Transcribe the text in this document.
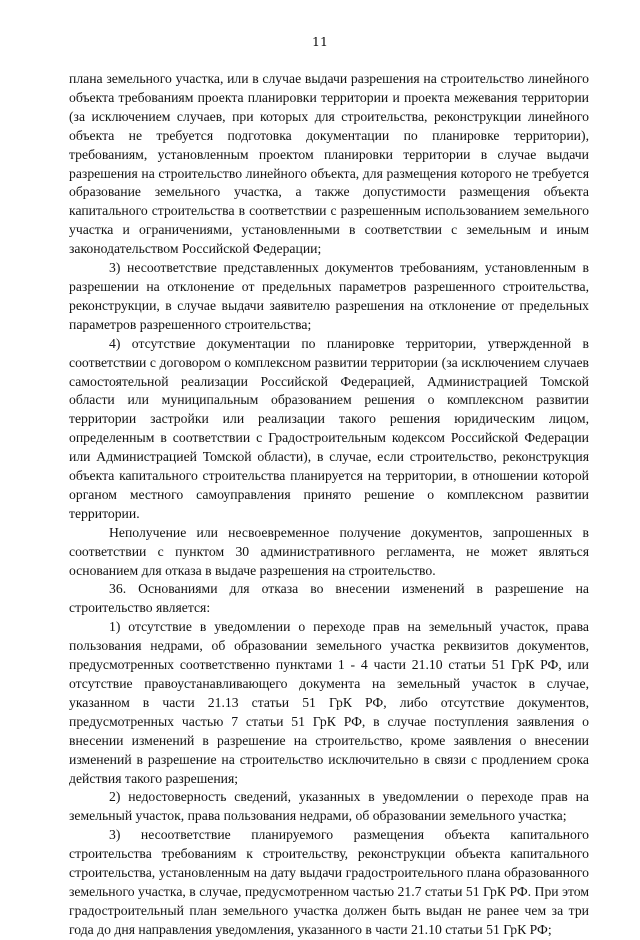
11

плана земельного участка, или в случае выдачи разрешения на строительство линейного объекта требованиям проекта планировки территории и проекта межевания территории (за исключением случаев, при которых для строительства, реконструкции линейного объекта не требуется подготовка документации по планировке территории), требованиям, установленным проектом планировки территории в случае выдачи разрешения на строительство линейного объекта, для размещения которого не требуется образование земельного участка, а также допустимости размещения объекта капитального строительства в соответствии с разрешенным использованием земельного участка и ограничениями, установленными в соответствии с земельным и иным законодательством Российской Федерации;

3) несоответствие представленных документов требованиям, установленным в разрешении на отклонение от предельных параметров разрешенного строительства, реконструкции, в случае выдачи заявителю разрешения на отклонение от предельных параметров разрешенного строительства;

4) отсутствие документации по планировке территории, утвержденной в соответствии с договором о комплексном развитии территории (за исключением случаев самостоятельной реализации Российской Федерацией, Администрацией Томской области или муниципальным образованием решения о комплексном развитии территории застройки или реализации такого решения юридическим лицом, определенным в соответствии с Градостроительным кодексом Российской Федерации или Администрацией Томской области), в случае, если строительство, реконструкция объекта капитального строительства планируется на территории, в отношении которой органом местного самоуправления принято решение о комплексном развитии территории.

Неполучение или несвоевременное получение документов, запрошенных в соответствии с пунктом 30 административного регламента, не может являться основанием для отказа в выдаче разрешения на строительство.

36. Основаниями для отказа во внесении изменений в разрешение на строительство является:

1) отсутствие в уведомлении о переходе прав на земельный участок, права пользования недрами, об образовании земельного участка реквизитов документов, предусмотренных соответственно пунктами 1 - 4 части 21.10 статьи 51 ГрК РФ, или отсутствие правоустанавливающего документа на земельный участок в случае, указанном в части 21.13 статьи 51 ГрК РФ, либо отсутствие документов, предусмотренных частью 7 статьи 51 ГрК РФ, в случае поступления заявления о внесении изменений в разрешение на строительство, кроме заявления о внесении изменений в разрешение на строительство исключительно в связи с продлением срока действия такого разрешения;

2) недостоверность сведений, указанных в уведомлении о переходе прав на земельный участок, права пользования недрами, об образовании земельного участка;

3) несоответствие планируемого размещения объекта капитального строительства требованиям к строительству, реконструкции объекта капитального строительства, установленным на дату выдачи градостроительного плана образованного земельного участка, в случае, предусмотренном частью 21.7 статьи 51 ГрК РФ. При этом градостроительный план земельного участка должен быть выдан не ранее чем за три года до дня направления уведомления, указанного в части 21.10 статьи 51 ГрК РФ;
